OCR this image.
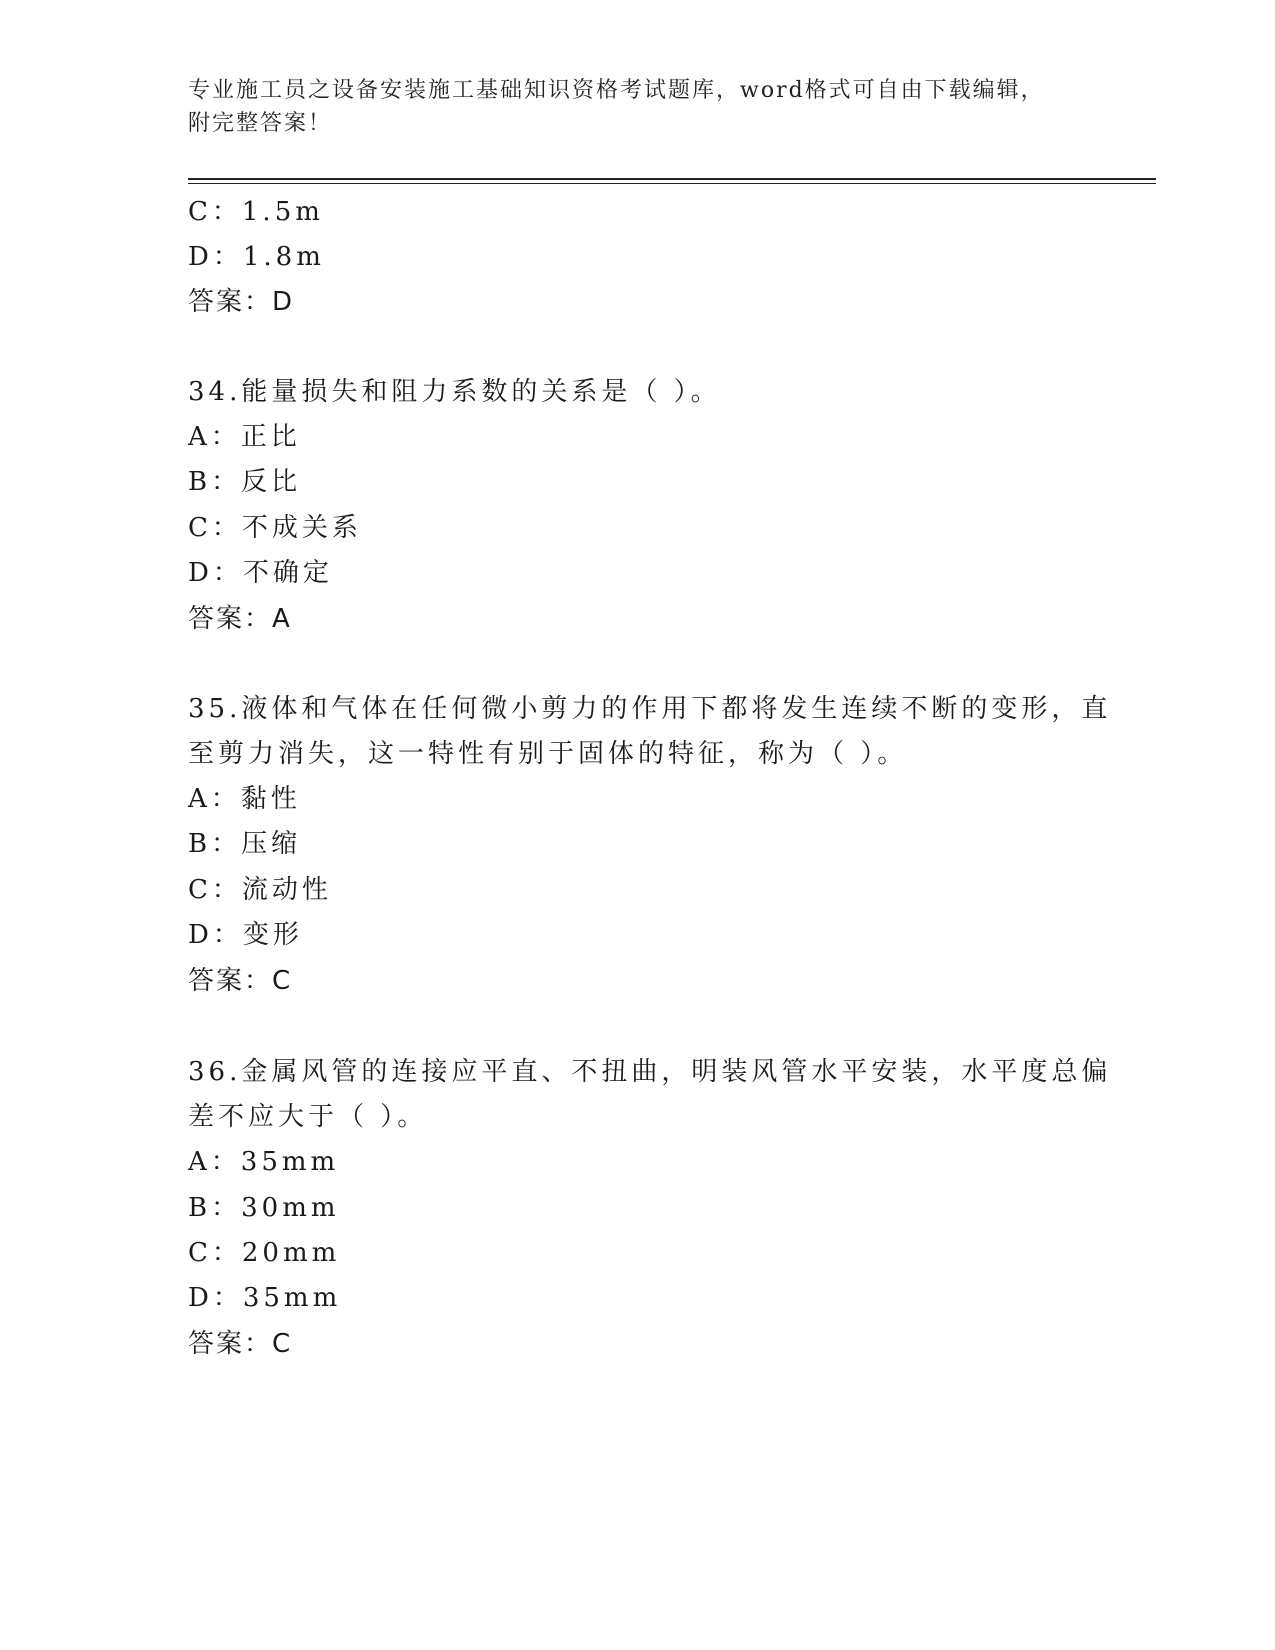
专业施工员之设备安装施工基础知识资格考试题库，word格式可自由下载编辑，
附完整答案！
C：1.5m
D：1.8m
答案：D
34.能量损失和阻力系数的关系是（ ）。
A：正比
B：反比
C：不成关系
D：不确定
答案：A
35.液体和气体在任何微小剪力的作用下都将发生连续不断的变形，直
至剪力消失，这一特性有别于固体的特征，称为（ ）。
A：黏性
B：压缩
C：流动性
D：变形
答案：C
36.金属风管的连接应平直、不扭曲，明装风管水平安装，水平度总偏
差不应大于（ ）。
A：35mm
B：30mm
C：20mm
D：35mm
答案：C
